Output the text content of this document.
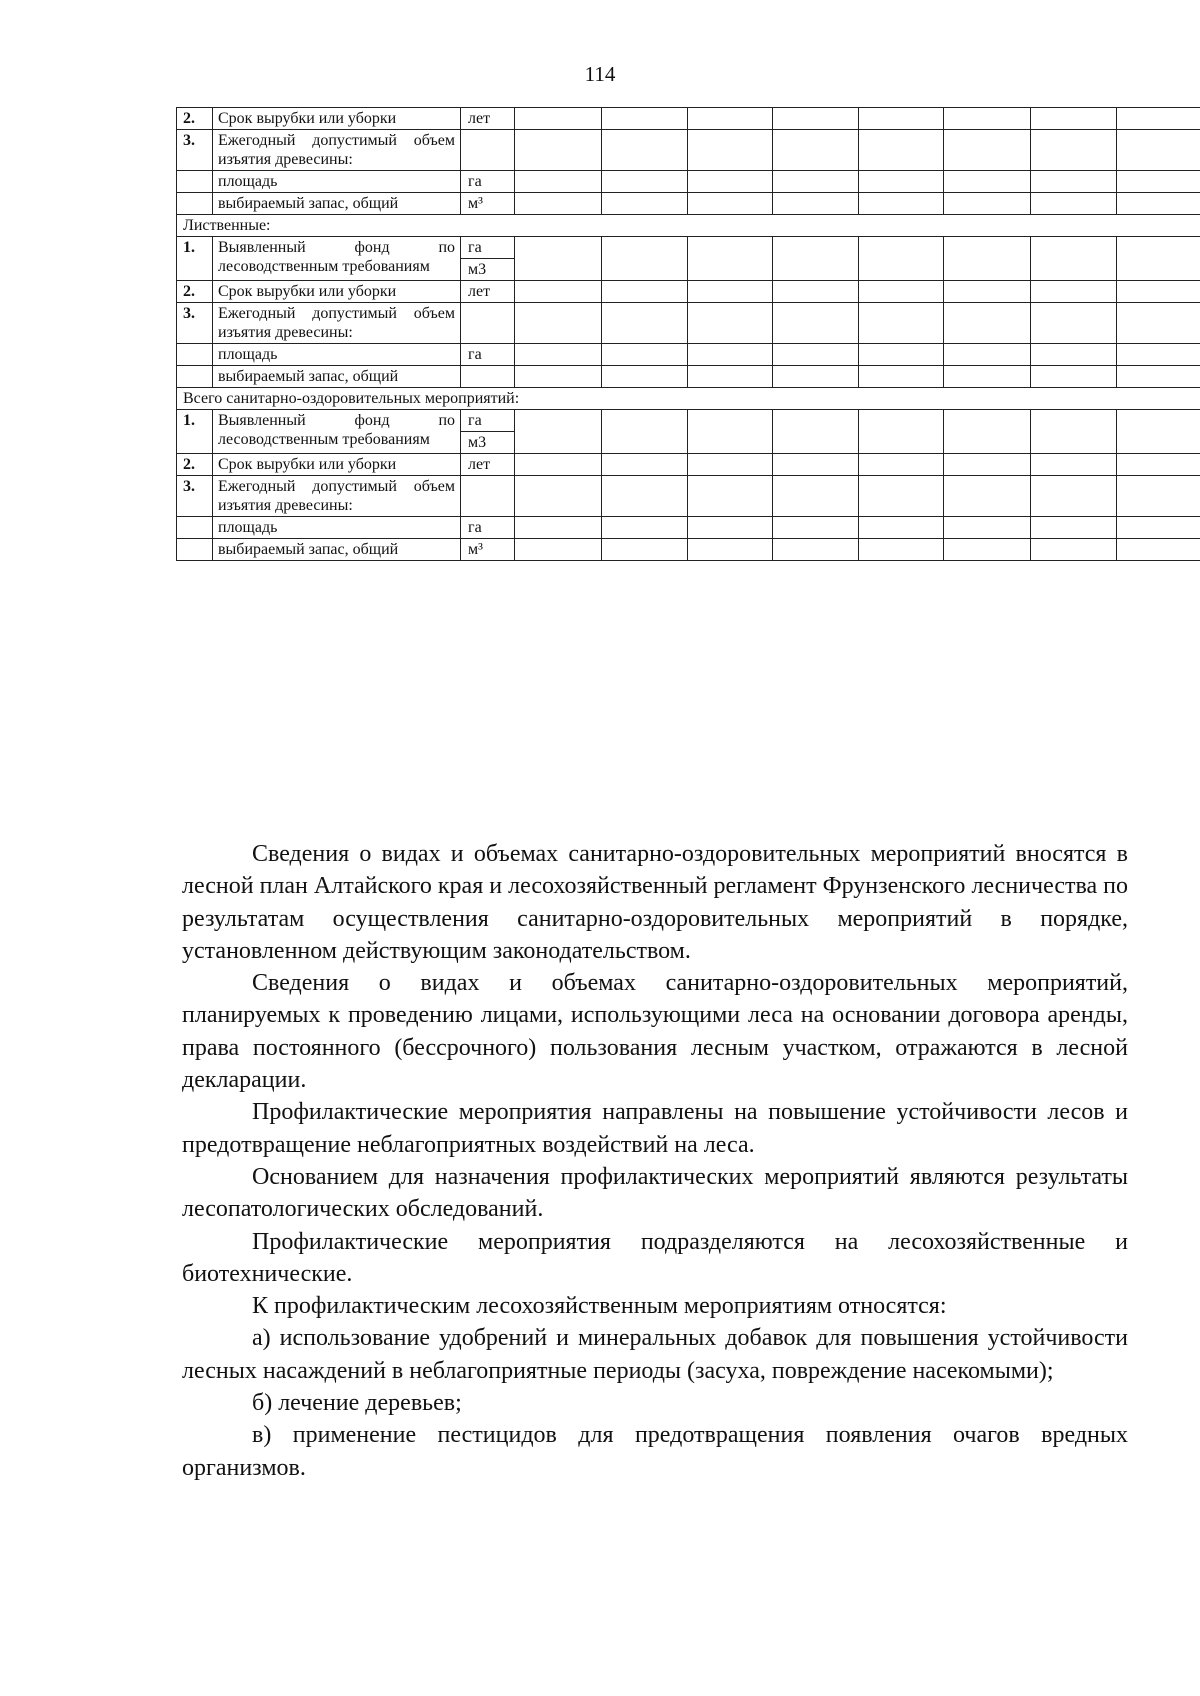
114
2.	Срок вырубки или уборки	лет								
3.	Ежегодный допустимый объем изъятия древесины:									
	площадь	га								
	выбираемый запас, общий	м³								
Лиственные:										
1.	Выявленный фонд по лесоводственным требованиям	га								
		м3								
2.	Срок вырубки или уборки	лет								
3.	Ежегодный допустимый объем изъятия древесины:									
	площадь	га								
	выбираемый запас, общий									
Всего санитарно-оздоровительных мероприятий:										
1.	Выявленный фонд по лесоводственным требованиям	га								
		м3								
2.	Срок вырубки или уборки	лет								
3.	Ежегодный допустимый объем изъятия древесины:									
	площадь	га								
	выбираемый запас, общий	м³								

Сведения о видах и объемах санитарно-оздоровительных мероприятий вносятся в лесной план Алтайского края и лесохозяйственный регламент Фрунзенского лесничества по результатам осуществления санитарно-оздоровительных мероприятий в порядке, установленном действующим законодательством.

Сведения о видах и объемах санитарно-оздоровительных мероприятий, планируемых к проведению лицами, использующими леса на основании договора аренды, права постоянного (бессрочного) пользования лесным участком, отражаются в лесной декларации.

Профилактические мероприятия направлены на повышение устойчивости лесов и предотвращение неблагоприятных воздействий на леса.

Основанием для назначения профилактических мероприятий являются результаты лесопатологических обследований.

Профилактические мероприятия подразделяются на лесохозяйственные и биотехнические.

К профилактическим лесохозяйственным мероприятиям относятся:

а) использование удобрений и минеральных добавок для повышения устойчивости лесных насаждений в неблагоприятные периоды (засуха, повреждение насекомыми);

б) лечение деревьев;

в) применение пестицидов для предотвращения появления очагов вредных организмов.
